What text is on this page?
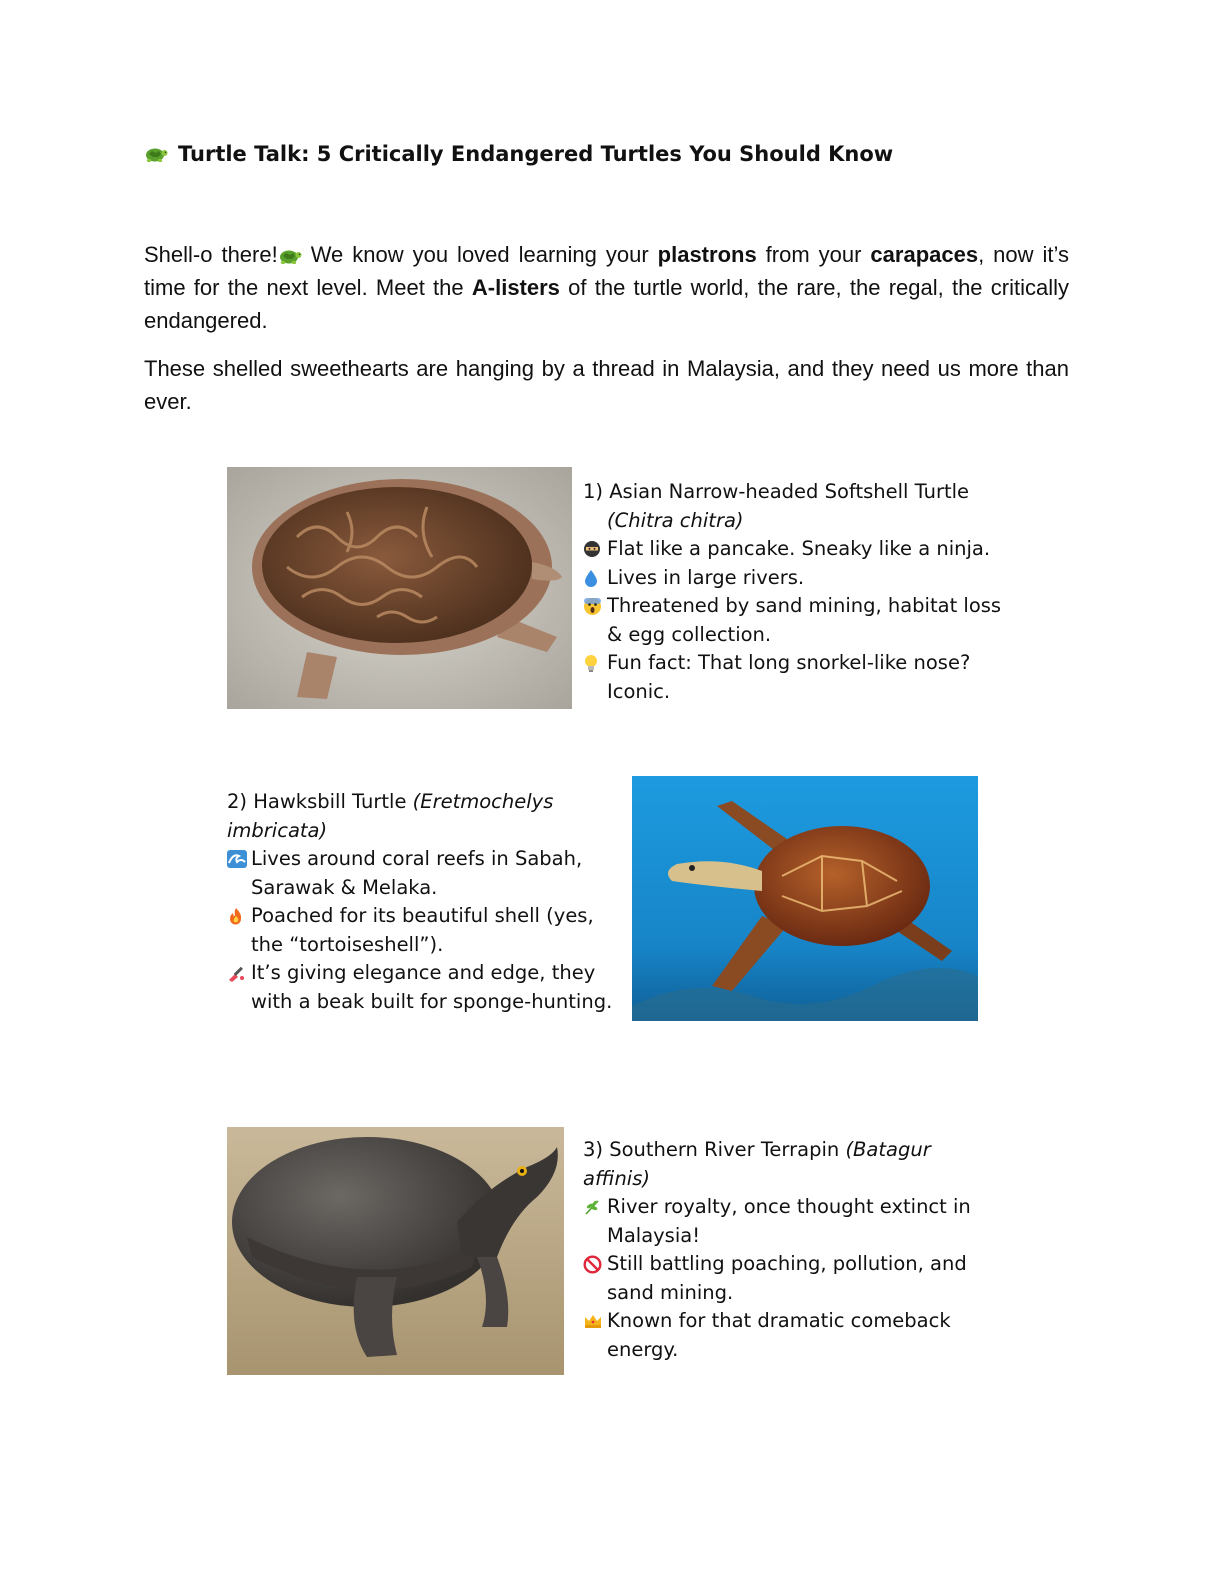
Turtle Talk: 5 Critically Endangered Turtles You Should Know
Shell-o there!
We know you loved learning your plastrons from your carapaces, now it’s time for the next level. Meet the A-listers of the turtle world, the rare, the regal, the critically endangered.
These shelled sweethearts are hanging by a thread in Malaysia, and they need us more than ever.
1) Asian Narrow-headed Softshell Turtle
(Chitra chitra)
Flat like a pancake. Sneaky like a ninja.
Lives in large rivers.
Threatened by sand mining, habitat loss & egg collection.
Fun fact: That long snorkel-like nose? Iconic.
2) Hawksbill Turtle (Eretmochelys imbricata)
Lives around coral reefs in Sabah, Sarawak & Melaka.
Poached for its beautiful shell (yes, the “tortoiseshell”).
It’s giving elegance and edge, they with a beak built for sponge-hunting.
3) Southern River Terrapin (Batagur affinis)
River royalty, once thought extinct in Malaysia!
Still battling poaching, pollution, and sand mining.
Known for that dramatic comeback energy.
